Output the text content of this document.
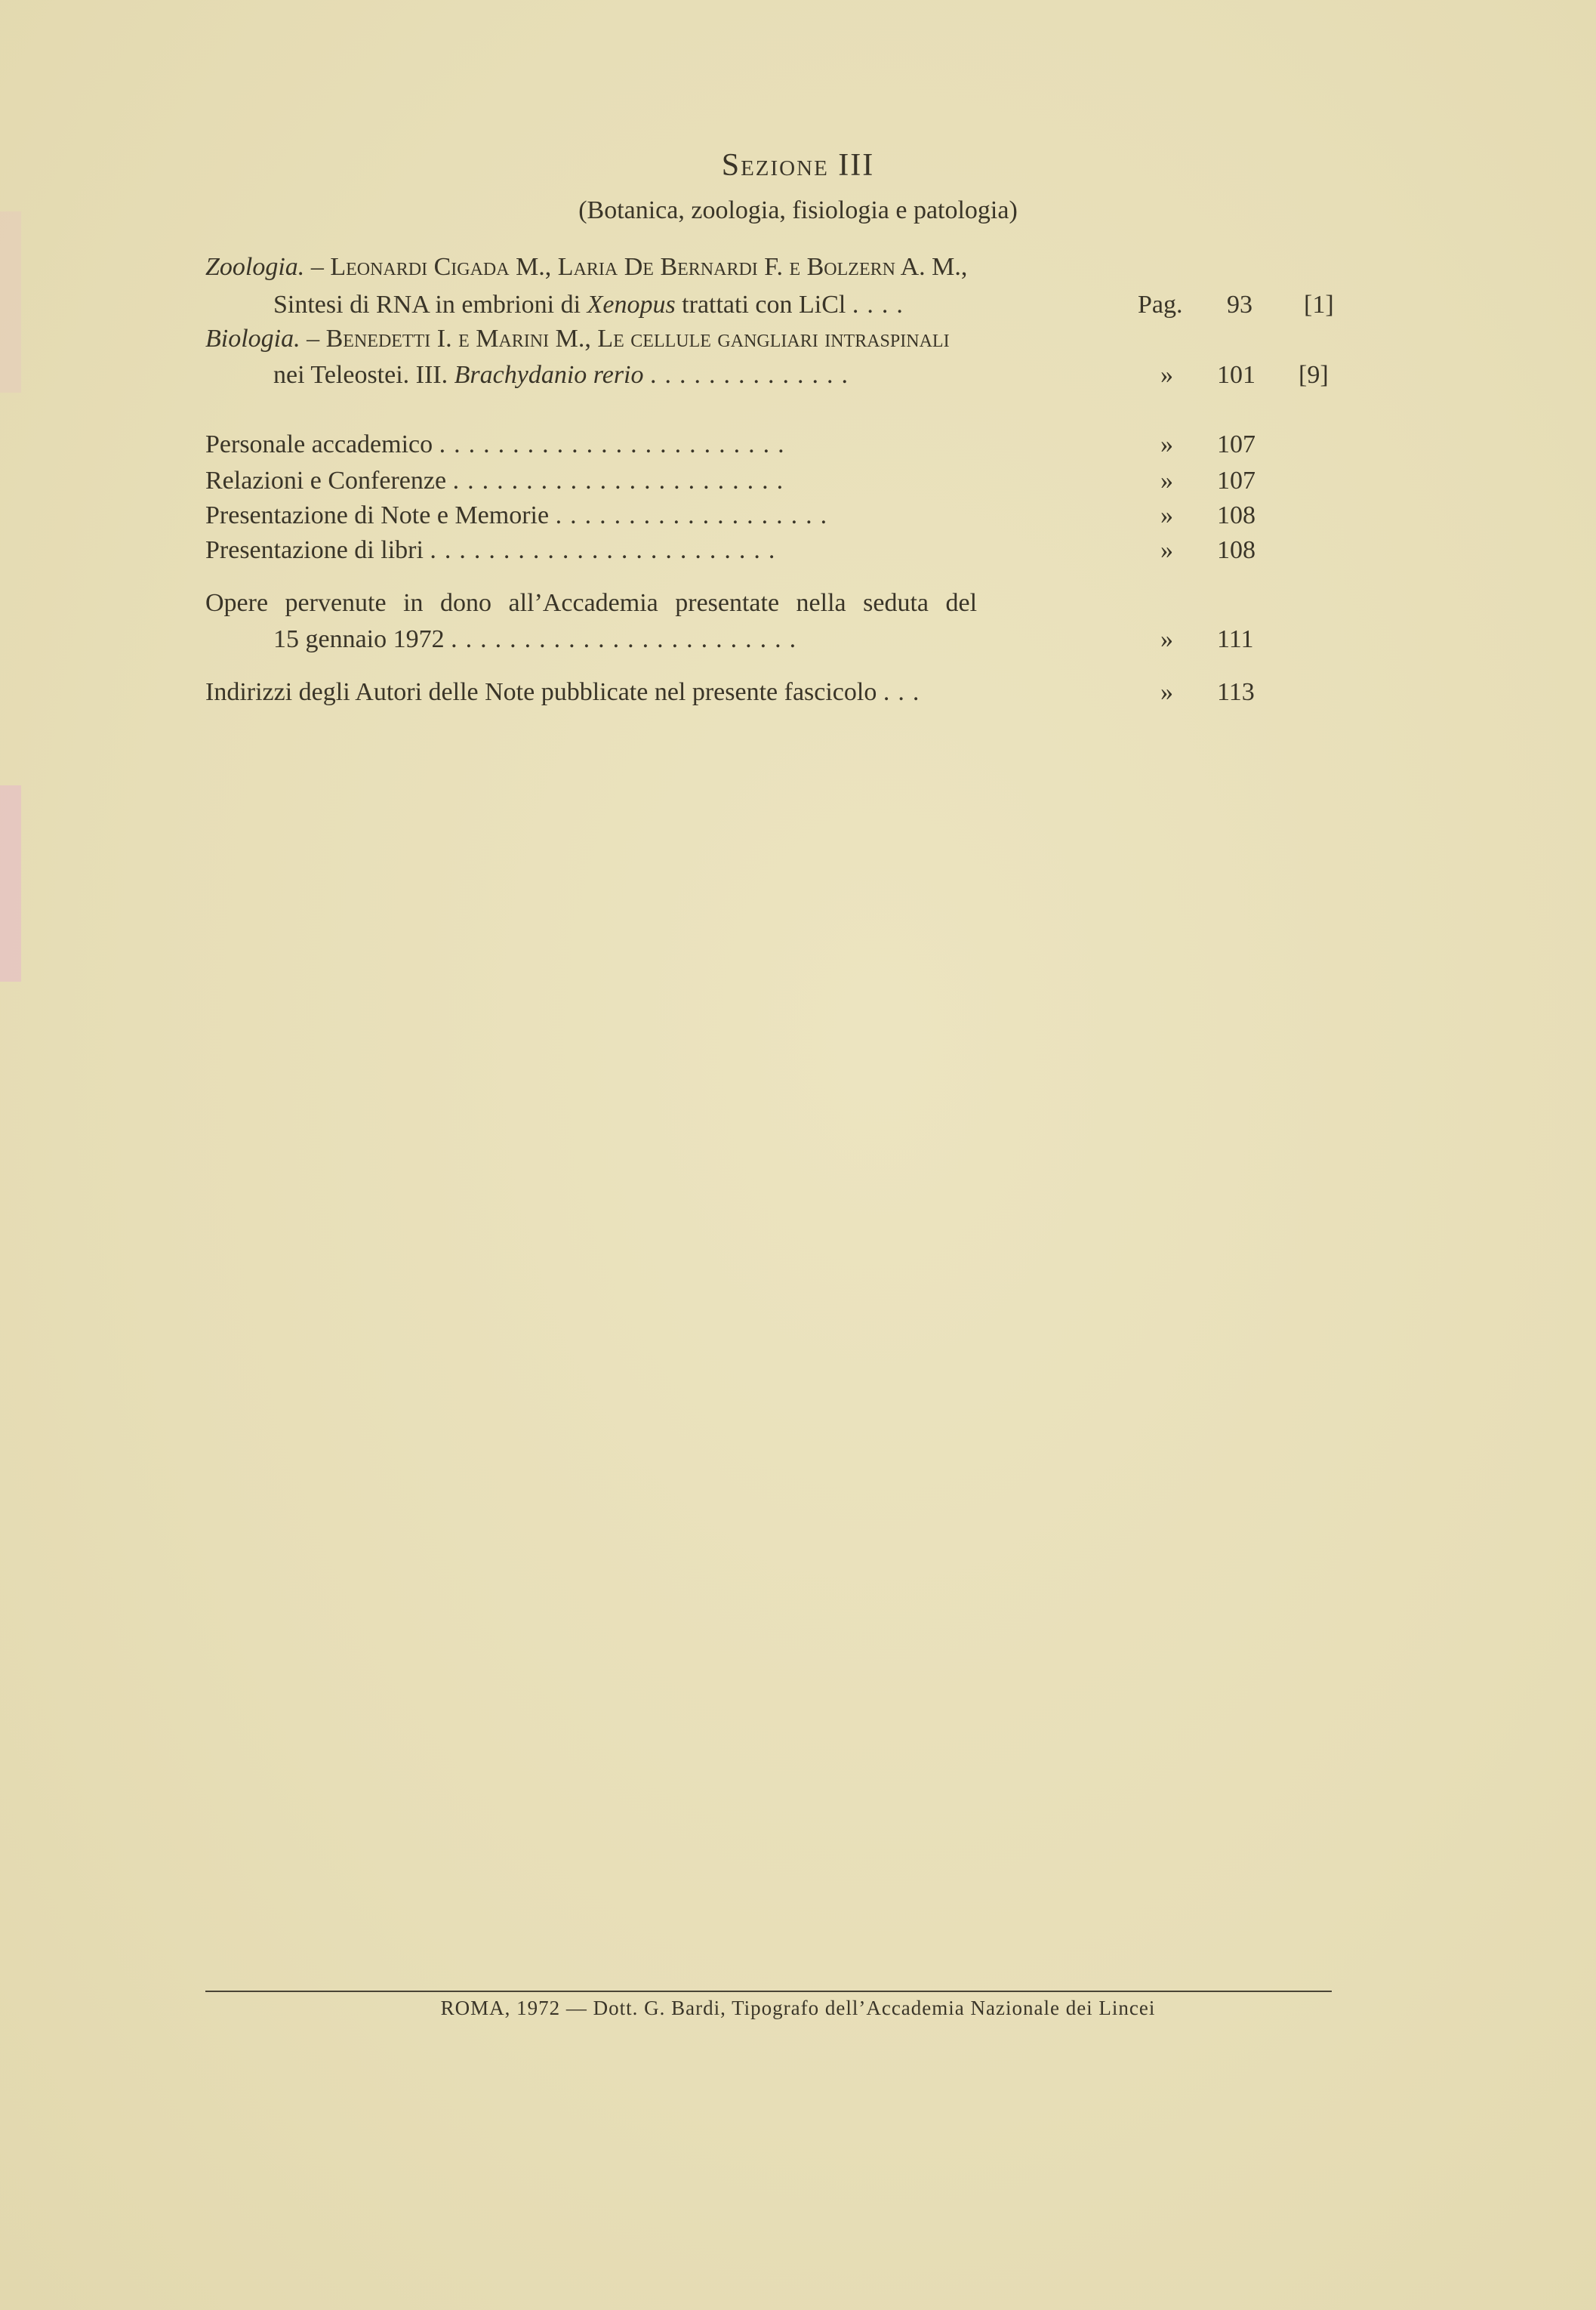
Sezione III
(Botanica, zoologia, fisiologia e patologia)
Zoologia. – Leonardi Cigada M., Laria De Bernardi F. e Bolzern A. M.,
Sintesi di RNA in embrioni di Xenopus trattati con LiCl ....	Pag. 93 [1]
Biologia. – Benedetti I. e Marini M., Le cellule gangliari intraspinali
nei Teleostei. III. Brachydanio rerio ..............	» 101 [9]
Personale accademico ........................	» 107
Relazioni e Conferenze .......................	» 107
Presentazione di Note e Memorie ...................	» 108
Presentazione di libri ........................	» 108
Opere pervenute in dono all’Accademia presentate nella seduta del
15 gennaio 1972 ........................	» 111
Indirizzi degli Autori delle Note pubblicate nel presente fascicolo ...	» 113
ROMA, 1972 — Dott. G. Bardi, Tipografo dell’Accademia Nazionale dei Lincei
